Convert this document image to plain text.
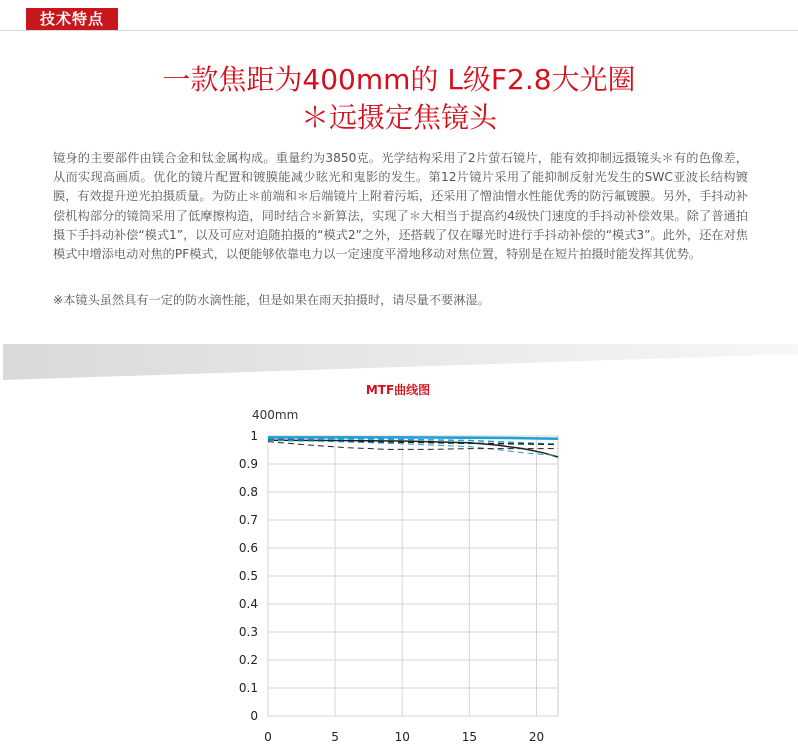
技术特点
一款焦距为400mm的 L级F2.8大光圈
＊远摄定焦镜头
镜身的主要部件由镁合金和钛金属构成。重量约为3850克。光学结构采用了2片萤石镜片，能有效抑制远摄镜头＊有的色像差，从而实现高画质。优化的镜片配置和镀膜能减少眩光和鬼影的发生。第12片镜片采用了能抑制反射光发生的SWC亚波长结构镀膜，有效提升逆光拍摄质量。为防止＊前端和＊后端镜片上附着污垢，还采用了憎油憎水性能优秀的防污氟镀膜。另外，手抖动补偿机构部分的镜筒采用了低摩擦构造，同时结合＊新算法，实现了＊大相当于提高约4级快门速度的手抖动补偿效果。除了普通拍摄下手抖动补偿“模式1”，以及可应对追随拍摄的“模式2”之外，还搭载了仅在曝光时进行手抖动补偿的“模式3”。此外，还在对焦模式中增添电动对焦的PF模式，以便能够依靠电力以一定速度平滑地移动对焦位置，特别是在短片拍摄时能发挥其优势。
※本镜头虽然具有一定的防水滴性能，但是如果在雨天拍摄时，请尽量不要淋湿。
MTF曲线图
400mm
0
0.1
0.2
0.3
0.4
0.5
0.6
0.7
0.8
0.9
1
0	5	10	15	20
